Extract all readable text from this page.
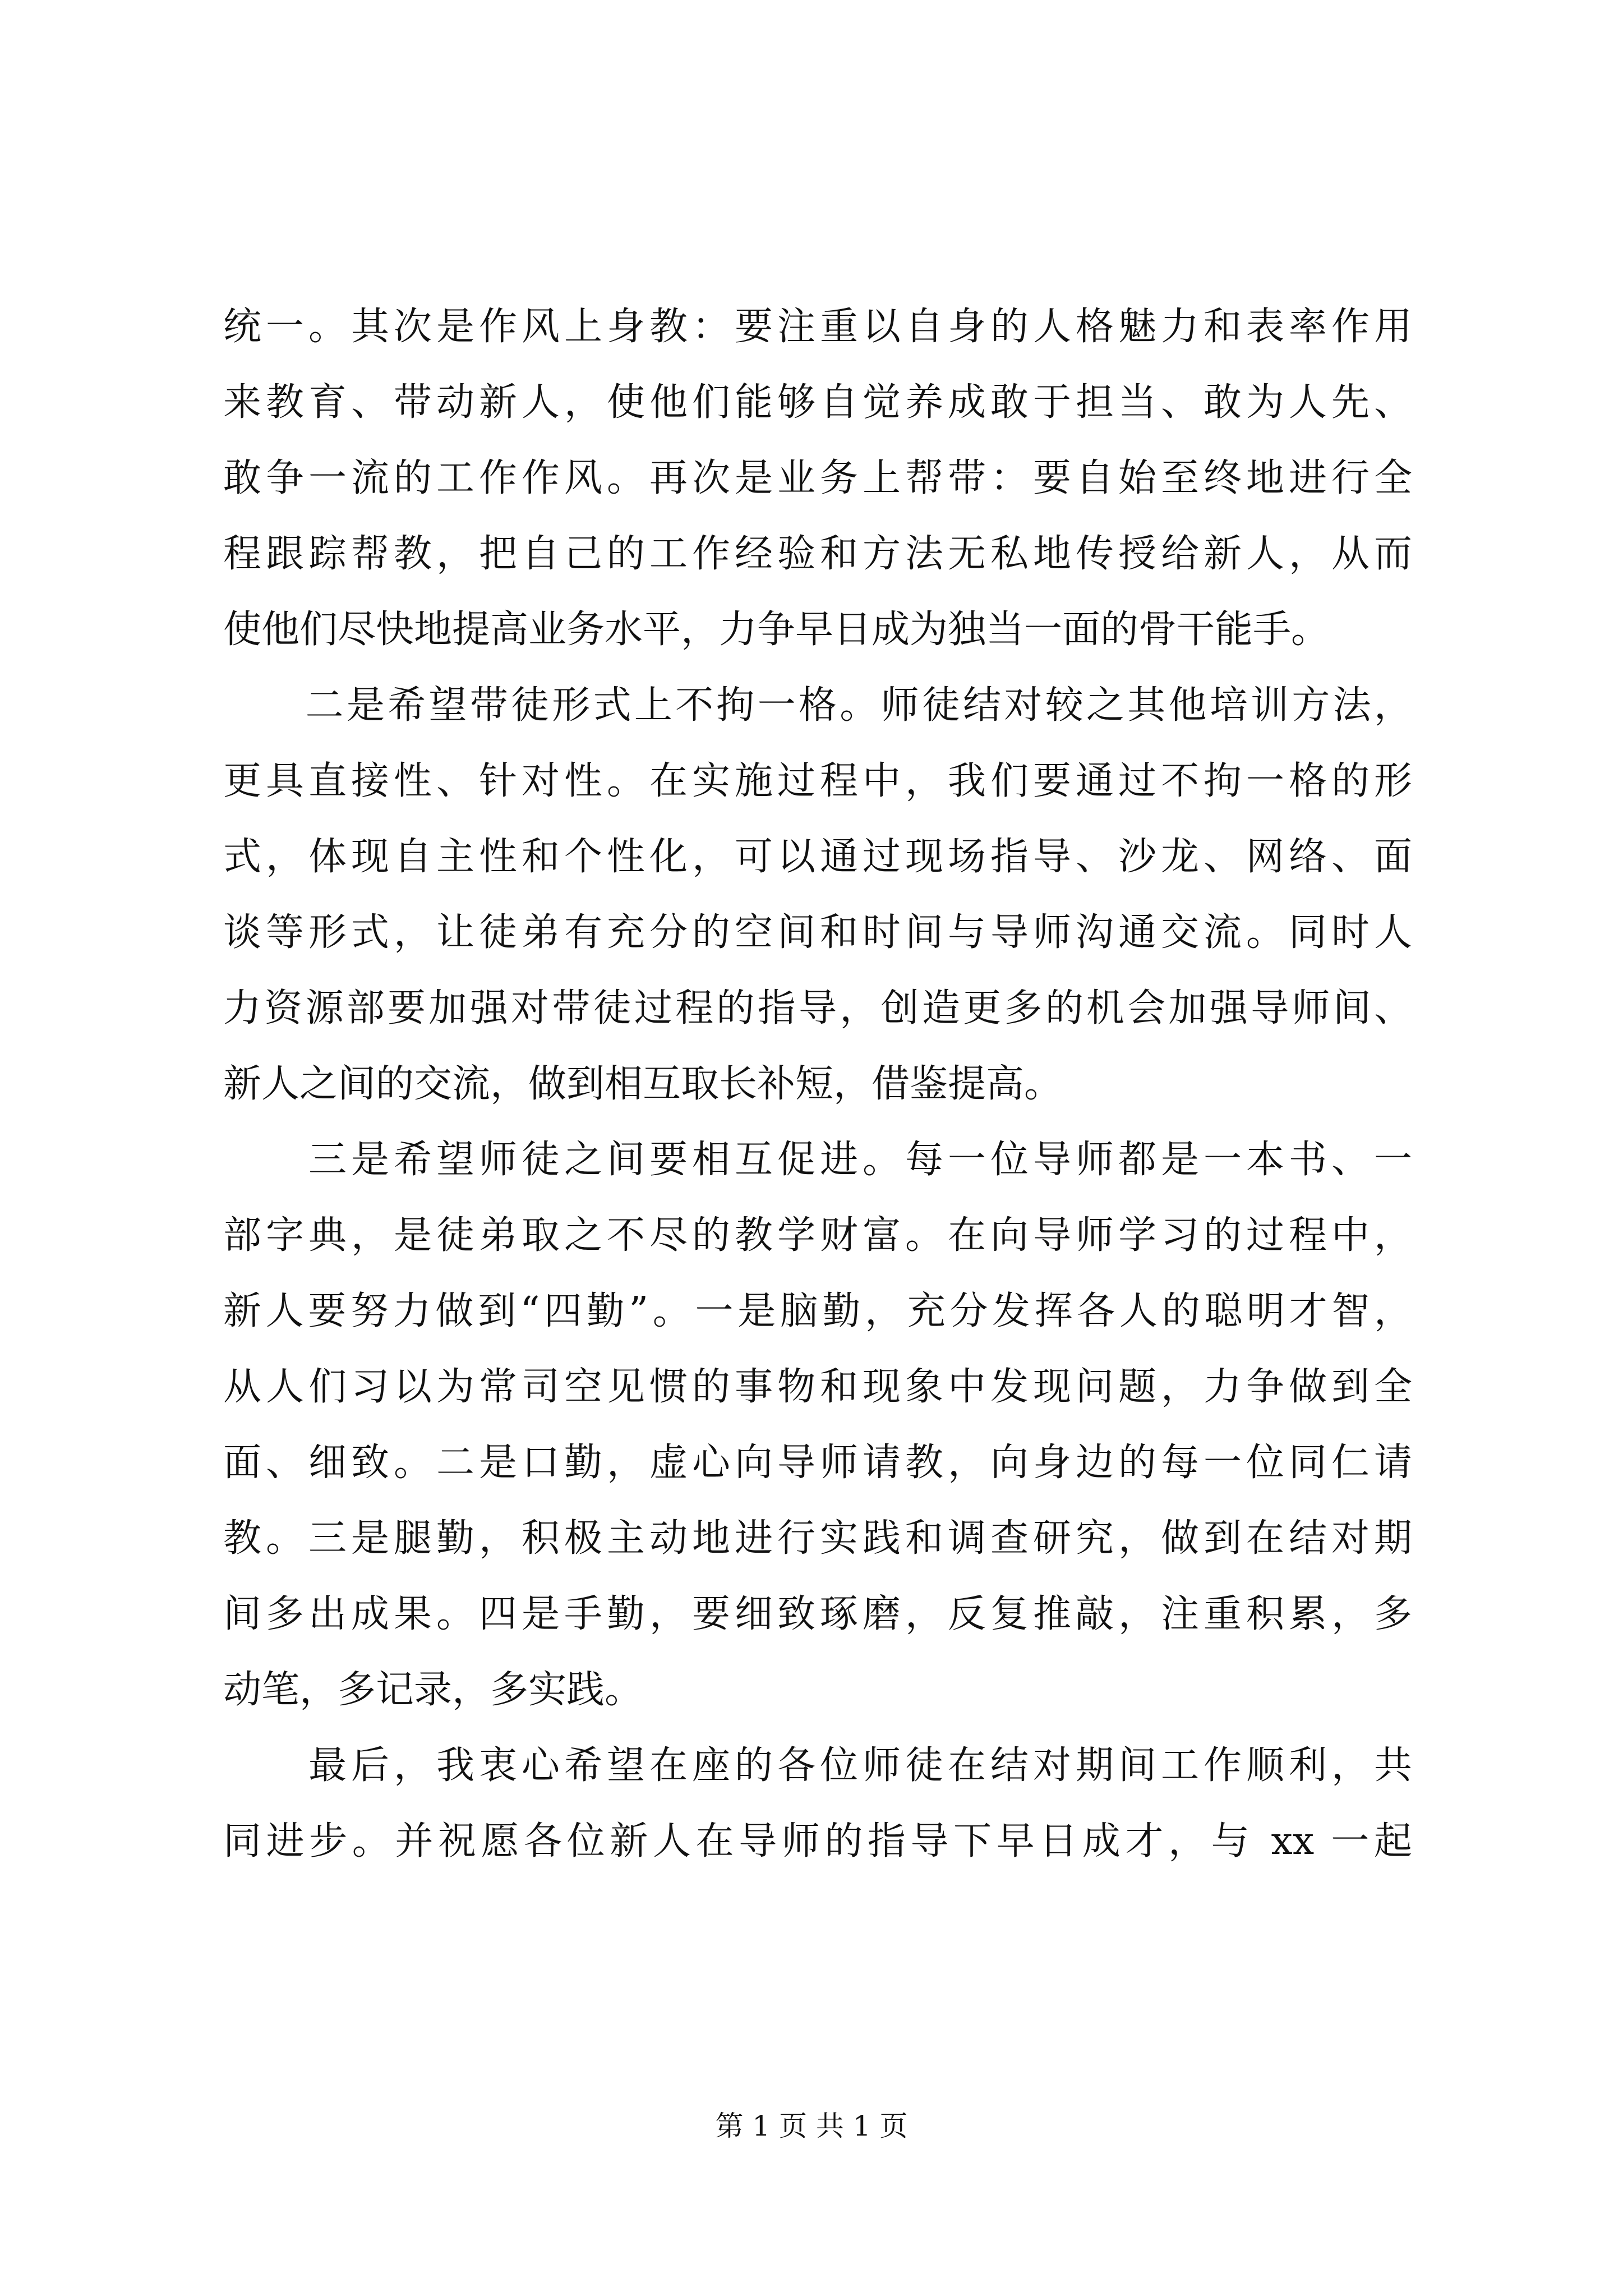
统一。其次是作风上身教：要注重以自身的人格魅力和表率作用
来教育、带动新人，使他们能够自觉养成敢于担当、敢为人先、
敢争一流的工作作风。再次是业务上帮带：要自始至终地进行全
程跟踪帮教，把自己的工作经验和方法无私地传授给新人，从而
使他们尽快地提高业务水平，力争早日成为独当一面的骨干能手。
　　二是希望带徒形式上不拘一格。师徒结对较之其他培训方法，
更具直接性、针对性。在实施过程中，我们要通过不拘一格的形
式，体现自主性和个性化，可以通过现场指导、沙龙、网络、面
谈等形式，让徒弟有充分的空间和时间与导师沟通交流。同时人
力资源部要加强对带徒过程的指导，创造更多的机会加强导师间、
新人之间的交流，做到相互取长补短，借鉴提高。
　　三是希望师徒之间要相互促进。每一位导师都是一本书、一
部字典，是徒弟取之不尽的教学财富。在向导师学习的过程中，
新人要努力做到“四勤”。一是脑勤，充分发挥各人的聪明才智，
从人们习以为常司空见惯的事物和现象中发现问题，力争做到全
面、细致。二是口勤，虚心向导师请教，向身边的每一位同仁请
教。三是腿勤，积极主动地进行实践和调查研究，做到在结对期
间多出成果。四是手勤，要细致琢磨，反复推敲，注重积累，多
动笔，多记录，多实践。
　　最后，我衷心希望在座的各位师徒在结对期间工作顺利，共
同进步。并祝愿各位新人在导师的指导下早日成才，与 xx 一起
第 1 页 共 1 页
